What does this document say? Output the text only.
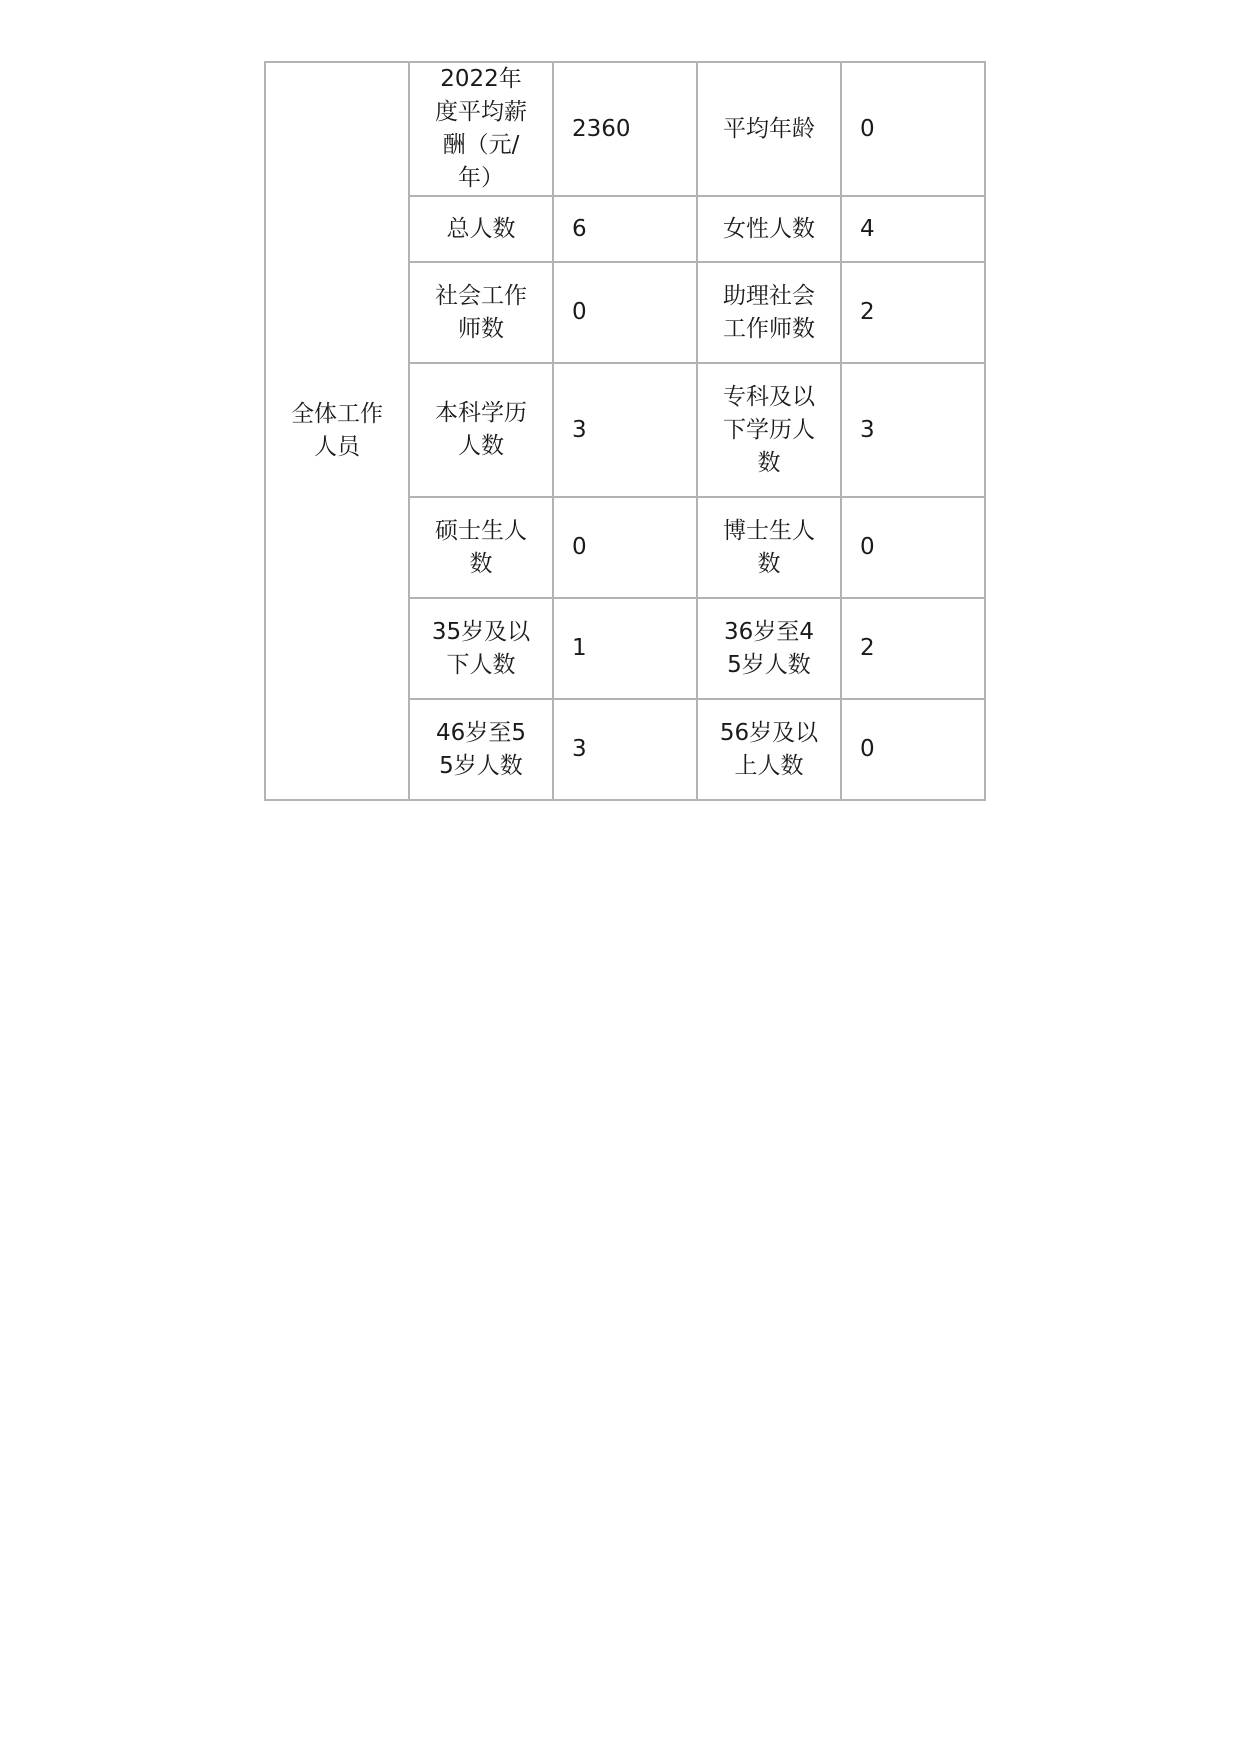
全体工作人员	2022年度平均薪酬（元/年）	2360	平均年龄	0
	总人数	6	女性人数	4
	社会工作师数	0	助理社会工作师数	2
	本科学历人数	3	专科及以下学历人数	3
	硕士生人数	0	博士生人数	0
	35岁及以下人数	1	36岁至45岁人数	2
	46岁至55岁人数	3	56岁及以上人数	0
